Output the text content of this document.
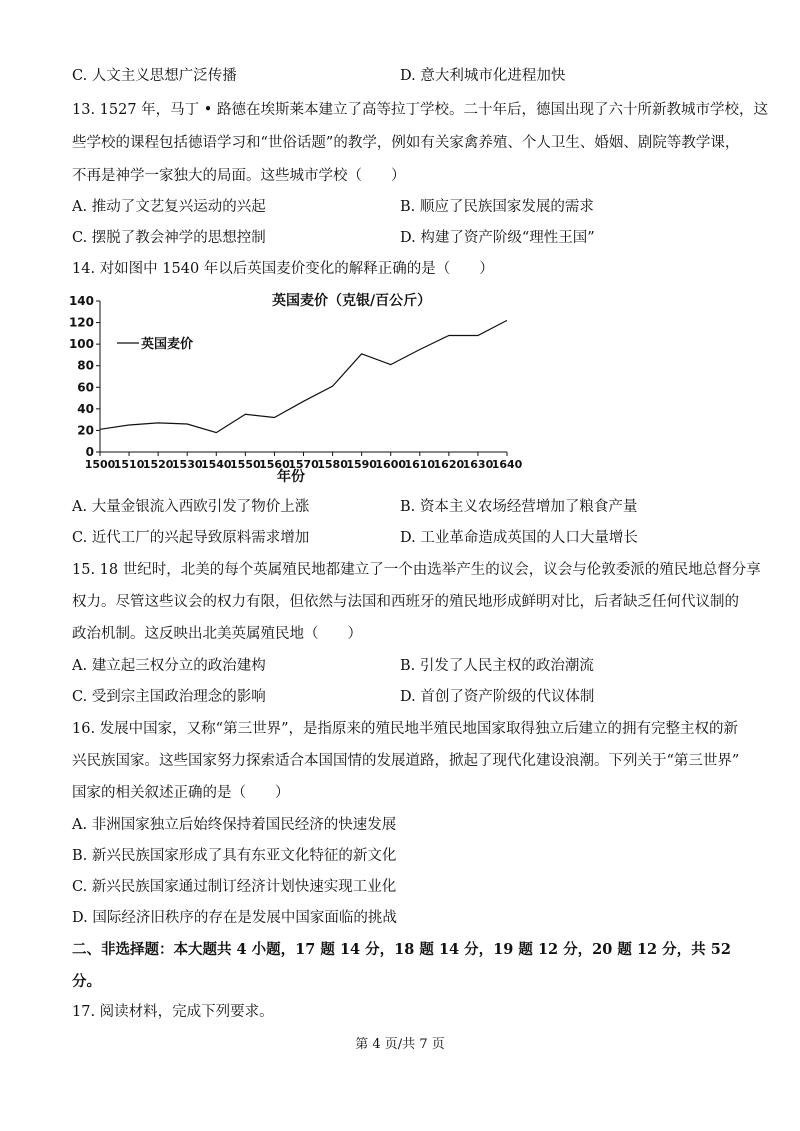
C. 人文主义思想广泛传播	D. 意大利城市化进程加快
13. 1527 年，马丁 • 路德在埃斯莱本建立了高等拉丁学校。二十年后，德国出现了六十所新教城市学校，这
些学校的课程包括德语学习和“世俗话题”的教学，例如有关家禽养殖、个人卫生、婚姻、剧院等教学课，
不再是神学一家独大的局面。这些城市学校（　　）
A. 推动了文艺复兴运动的兴起	B. 顺应了民族国家发展的需求
C. 摆脱了教会神学的思想控制	D. 构建了资产阶级“理性王国”
14. 对如图中 1540 年以后英国麦价变化的解释正确的是（　　）
英国麦价（克银/百公斤）
0
20
40
60
80
100
120
140
1500
1510
1520
1530
1540
1550
1560
1570
1580
1590
1600
1610
1620
1630
1640
英国麦价
年份
A. 大量金银流入西欧引发了物价上涨	B. 资本主义农场经营增加了粮食产量
C. 近代工厂的兴起导致原料需求增加	D. 工业革命造成英国的人口大量增长
15. 18 世纪时，北美的每个英属殖民地都建立了一个由选举产生的议会，议会与伦敦委派的殖民地总督分享
权力。尽管这些议会的权力有限，但依然与法国和西班牙的殖民地形成鲜明对比，后者缺乏任何代议制的
政治机制。这反映出北美英属殖民地（　　）
A. 建立起三权分立的政治建构	B. 引发了人民主权的政治潮流
C. 受到宗主国政治理念的影响	D. 首创了资产阶级的代议体制
16. 发展中国家，又称“第三世界”，是指原来的殖民地半殖民地国家取得独立后建立的拥有完整主权的新
兴民族国家。这些国家努力探索适合本国国情的发展道路，掀起了现代化建设浪潮。下列关于“第三世界”
国家的相关叙述正确的是（　　）
A. 非洲国家独立后始终保持着国民经济的快速发展
B. 新兴民族国家形成了具有东亚文化特征的新文化
C. 新兴民族国家通过制订经济计划快速实现工业化
D. 国际经济旧秩序的存在是发展中国家面临的挑战
二、非选择题：本大题共 4 小题，17 题 14 分，18 题 14 分，19 题 12 分，20 题 12 分，共 52
分。
17. 阅读材料，完成下列要求。
第 4 页/共 7 页
